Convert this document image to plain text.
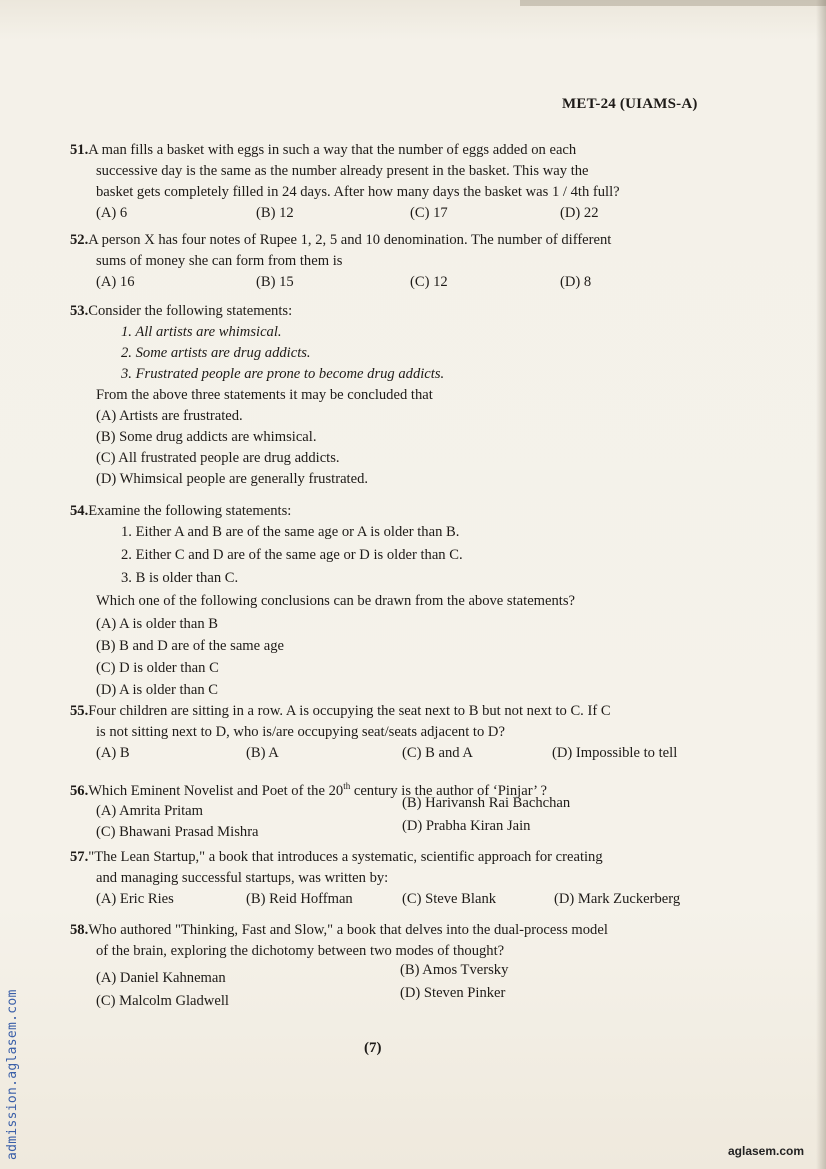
MET-24 (UIAMS-A)
51.A man fills a basket with eggs in such a way that the number of eggs added on each
successive day is the same as the number already present in the basket. This way the
basket gets completely filled in 24 days. After how many days the basket was 1 / 4th full?
(A) 6	(B) 12	(C) 17	(D) 22
52.A person X has four notes of Rupee 1, 2, 5 and 10 denomination. The number of different
sums of money she can form from them is
(A) 16	(B) 15	(C) 12	(D) 8
53.Consider the following statements:
1. All artists are whimsical.
2. Some artists are drug addicts.
3. Frustrated people are prone to become drug addicts.
From the above three statements it may be concluded that
(A) Artists are frustrated.
(B) Some drug addicts are whimsical.
(C) All frustrated people are drug addicts.
(D) Whimsical people are generally frustrated.
54.Examine the following statements:
1. Either A and B are of the same age or A is older than B.
2. Either C and D are of the same age or D is older than C.
3. B is older than C.
Which one of the following conclusions can be drawn from the above statements?
(A) A is older than B
(B) B and D are of the same age
(C) D is older than C
(D) A is older than C
55.Four children are sitting in a row. A is occupying the seat next to B but not next to C. If C
is not sitting next to D, who is/are occupying seat/seats adjacent to D?
(A) B	(B) A	(C) B and A	(D) Impossible to tell
56.Which Eminent Novelist and Poet of the 20th century is the author of ‘Pinjar’ ?
(A) Amrita Pritam	(B) Harivansh Rai Bachchan
(C) Bhawani Prasad Mishra	(D) Prabha Kiran Jain
57."The Lean Startup," a book that introduces a systematic, scientific approach for creating
and managing successful startups, was written by:
(A) Eric Ries	(B) Reid Hoffman	(C) Steve Blank	(D) Mark Zuckerberg
58.Who authored "Thinking, Fast and Slow," a book that delves into the dual-process model
of the brain, exploring the dichotomy between two modes of thought?
(A) Daniel Kahneman	(B) Amos Tversky
(C) Malcolm Gladwell	(D) Steven Pinker
(7)
admission.aglasem.com	aglasem.com
